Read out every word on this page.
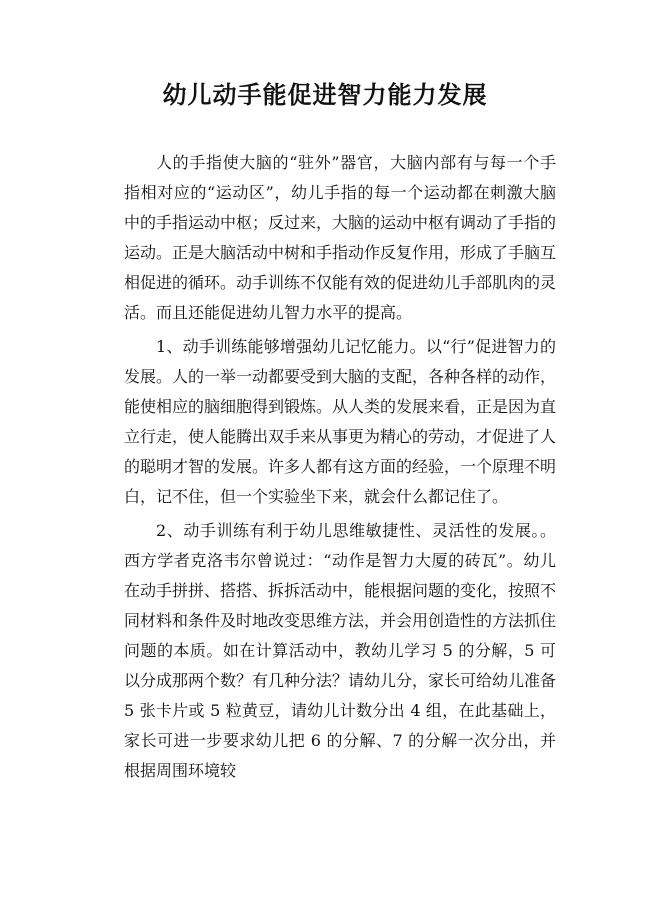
幼儿动手能促进智力能力发展

人的手指使大脑的“驻外”器官，大脑内部有与每一个手指相对应的“运动区”，幼儿手指的每一个运动都在刺激大脑中的手指运动中枢；反过来，大脑的运动中枢有调动了手指的运动。正是大脑活动中树和手指动作反复作用，形成了手脑互相促进的循环。动手训练不仅能有效的促进幼儿手部肌肉的灵活。而且还能促进幼儿智力水平的提高。

1、动手训练能够增强幼儿记忆能力。以“行”促进智力的发展。人的一举一动都要受到大脑的支配，各种各样的动作，能使相应的脑细胞得到锻炼。从人类的发展来看，正是因为直立行走，使人能腾出双手来从事更为精心的劳动，才促进了人的聪明才智的发展。许多人都有这方面的经验，一个原理不明白，记不住，但一个实验坐下来，就会什么都记住了。

2、动手训练有利于幼儿思维敏捷性、灵活性的发展。。西方学者克洛韦尔曾说过：“动作是智力大厦的砖瓦”。幼儿在动手拼拼、搭搭、拆拆活动中，能根据问题的变化，按照不同材料和条件及时地改变思维方法，并会用创造性的方法抓住问题的本质。如在计算活动中，教幼儿学习 5 的分解，5 可以分成那两个数？有几种分法？请幼儿分，家长可给幼儿准备 5 张卡片或 5 粒黄豆，请幼儿计数分出 4 组，在此基础上，家长可进一步要求幼儿把 6 的分解、7 的分解一次分出，并根据周围环境较
